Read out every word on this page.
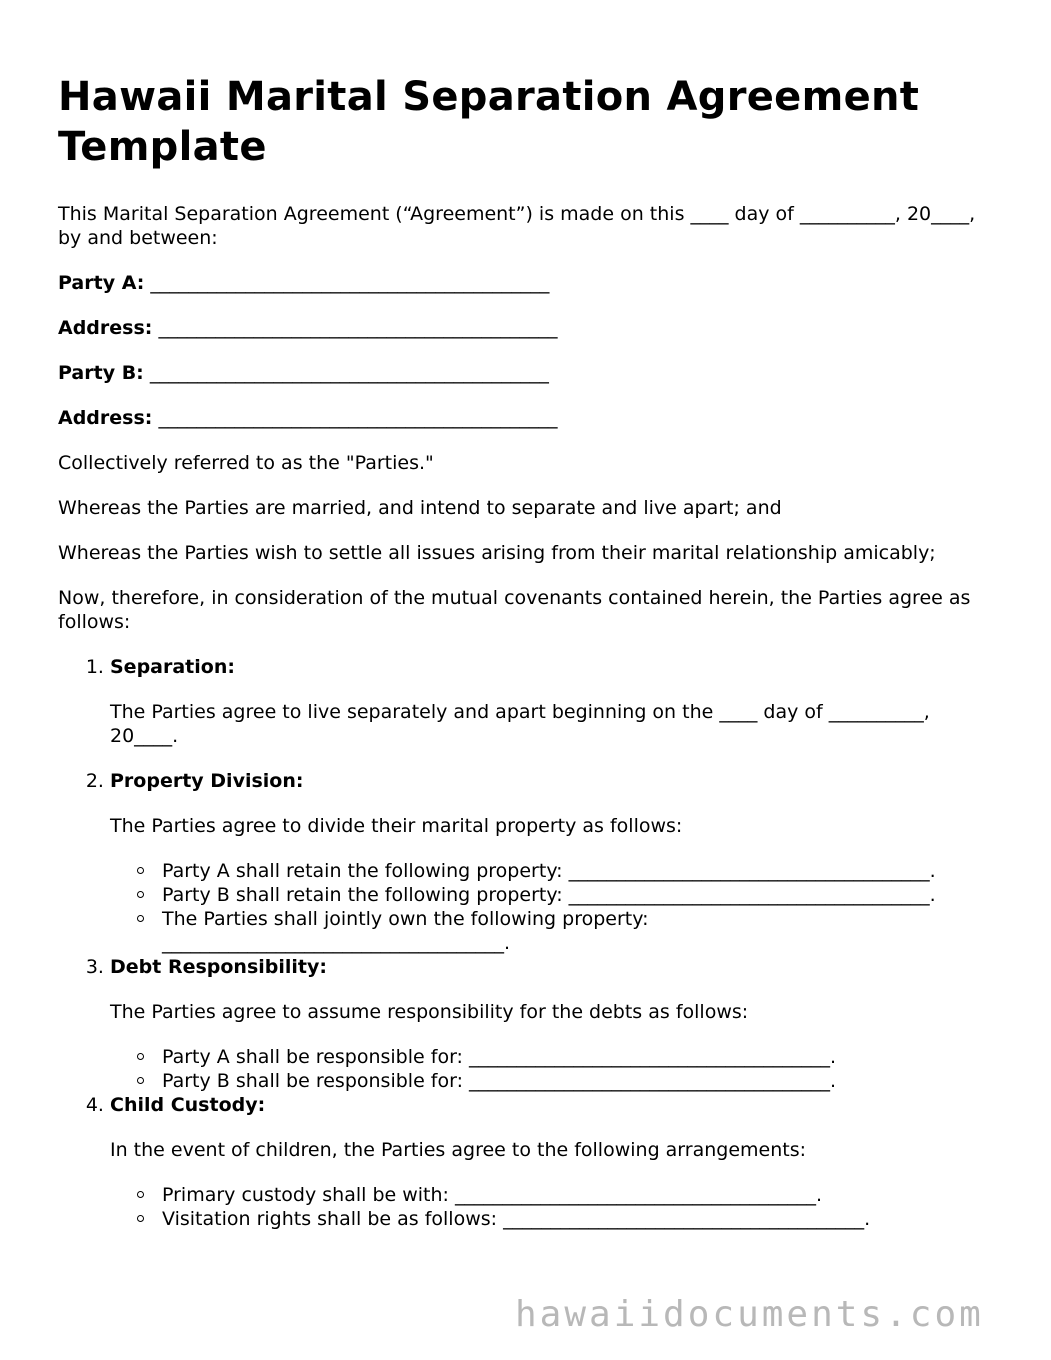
Hawaii Marital Separation Agreement Template

This Marital Separation Agreement (“Agreement”) is made on this ____ day of __________, 20____, by and between:

Party A: __________________________________________

Address: __________________________________________

Party B: __________________________________________

Address: __________________________________________

Collectively referred to as the "Parties."

Whereas the Parties are married, and intend to separate and live apart; and

Whereas the Parties wish to settle all issues arising from their marital relationship amicably;

Now, therefore, in consideration of the mutual covenants contained herein, the Parties agree as follows:

1. Separation:

The Parties agree to live separately and apart beginning on the ____ day of __________, 20____.

2. Property Division:

The Parties agree to divide their marital property as follows:

Party A shall retain the following property: ______________________________________.
Party B shall retain the following property: ______________________________________.
The Parties shall jointly own the following property: ____________________________________.
3. Debt Responsibility:

The Parties agree to assume responsibility for the debts as follows:

Party A shall be responsible for: ______________________________________.
Party B shall be responsible for: ______________________________________.
4. Child Custody:

In the event of children, the Parties agree to the following arrangements:

Primary custody shall be with: ______________________________________.
Visitation rights shall be as follows: ______________________________________.
hawaiidocuments.com
